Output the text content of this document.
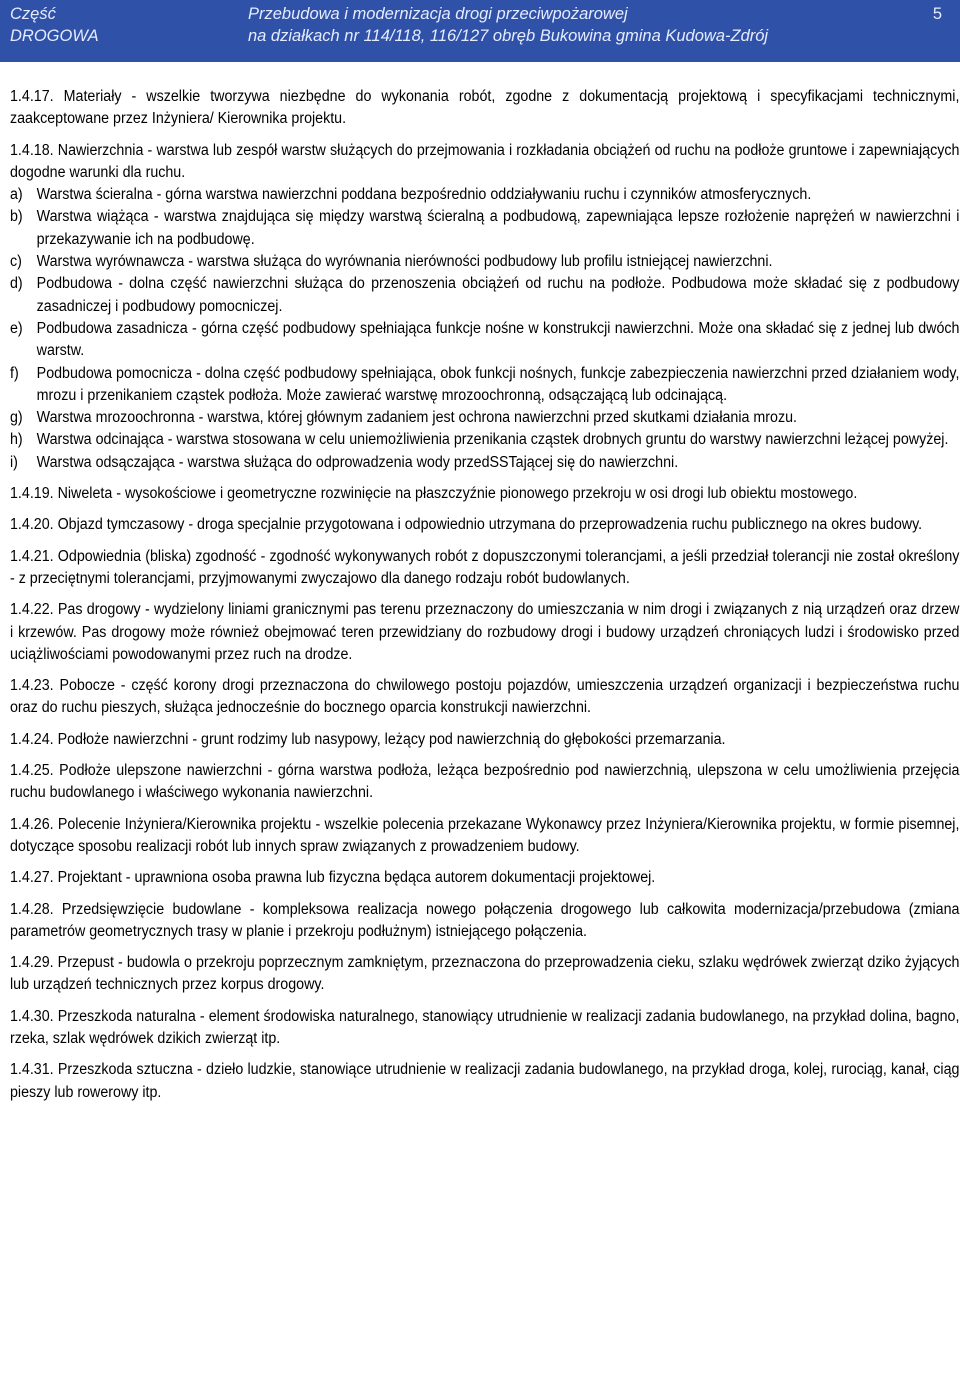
Część
DROGOWA
Przebudowa i modernizacja drogi przeciwpożarowej
na działkach nr 114/118, 116/127 obręb Bukowina gmina Kudowa-Zdrój
5

1.4.17. Materiały - wszelkie tworzywa niezbędne do wykonania robót, zgodne z dokumentacją projektową i specyfikacjami technicznymi, zaakceptowane przez Inżyniera/ Kierownika projektu.

1.4.18. Nawierzchnia - warstwa lub zespół warstw służących do przejmowania i rozkładania obciążeń od ruchu na podłoże gruntowe i zapewniających dogodne warunki dla ruchu.

a) Warstwa ścieralna - górna warstwa nawierzchni poddana bezpośrednio oddziaływaniu ruchu i czynników atmosferycznych.

b) Warstwa wiążąca - warstwa znajdująca się między warstwą ścieralną a podbudową, zapewniająca lepsze rozłożenie naprężeń w nawierzchni i przekazywanie ich na podbudowę.

c) Warstwa wyrównawcza - warstwa służąca do wyrównania nierówności podbudowy lub profilu istniejącej nawierzchni.

d) Podbudowa - dolna część nawierzchni służąca do przenoszenia obciążeń od ruchu na podłoże. Podbudowa może składać się z podbudowy zasadniczej i podbudowy pomocniczej.

e) Podbudowa zasadnicza - górna część podbudowy spełniająca funkcje nośne w konstrukcji nawierzchni. Może ona składać się z jednej lub dwóch warstw.

f) Podbudowa pomocnicza - dolna część podbudowy spełniająca, obok funkcji nośnych, funkcje zabezpieczenia nawierzchni przed działaniem wody, mrozu i przenikaniem cząstek podłoża. Może zawierać warstwę mrozoochronną, odsączającą lub odcinającą.

g) Warstwa mrozoochronna - warstwa, której głównym zadaniem jest ochrona nawierzchni przed skutkami działania mrozu.

h) Warstwa odcinająca - warstwa stosowana w celu uniemożliwienia przenikania cząstek drobnych gruntu do warstwy nawierzchni leżącej powyżej.

i) Warstwa odsączająca - warstwa służąca do odprowadzenia wody przedSSTającej się do nawierzchni.

1.4.19. Niweleta - wysokościowe i geometryczne rozwinięcie na płaszczyźnie pionowego przekroju w osi drogi lub obiektu mostowego.

1.4.20. Objazd tymczasowy - droga specjalnie przygotowana i odpowiednio utrzymana do przeprowadzenia ruchu publicznego na okres budowy.

1.4.21. Odpowiednia (bliska) zgodność - zgodność wykonywanych robót z dopuszczonymi tolerancjami, a jeśli przedział tolerancji nie został określony - z przeciętnymi tolerancjami, przyjmowanymi zwyczajowo dla danego rodzaju robót budowlanych.

1.4.22. Pas drogowy - wydzielony liniami granicznymi pas terenu przeznaczony do umieszczania w nim drogi i związanych z nią urządzeń oraz drzew i krzewów. Pas drogowy może również obejmować teren przewidziany do rozbudowy drogi i budowy urządzeń chroniących ludzi i środowisko przed uciążliwościami powodowanymi przez ruch na drodze.

1.4.23. Pobocze - część korony drogi przeznaczona do chwilowego postoju pojazdów, umieszczenia urządzeń organizacji i bezpieczeństwa ruchu oraz do ruchu pieszych, służąca jednocześnie do bocznego oparcia konstrukcji nawierzchni.

1.4.24. Podłoże nawierzchni - grunt rodzimy lub nasypowy, leżący pod nawierzchnią do głębokości przemarzania.

1.4.25. Podłoże ulepszone nawierzchni - górna warstwa podłoża, leżąca bezpośrednio pod nawierzchnią, ulepszona w celu umożliwienia przejęcia ruchu budowlanego i właściwego wykonania nawierzchni.

1.4.26. Polecenie Inżyniera/Kierownika projektu - wszelkie polecenia przekazane Wykonawcy przez Inżyniera/Kierownika projektu, w formie pisemnej, dotyczące sposobu realizacji robót lub innych spraw związanych z prowadzeniem budowy.

1.4.27. Projektant - uprawniona osoba prawna lub fizyczna będąca autorem dokumentacji projektowej.

1.4.28. Przedsięwzięcie budowlane - kompleksowa realizacja nowego połączenia drogowego lub całkowita modernizacja/przebudowa (zmiana parametrów geometrycznych trasy w planie i przekroju podłużnym) istniejącego połączenia.

1.4.29. Przepust - budowla o przekroju poprzecznym zamkniętym, przeznaczona do przeprowadzenia cieku, szlaku wędrówek zwierząt dziko żyjących lub urządzeń technicznych przez korpus drogowy.

1.4.30. Przeszkoda naturalna - element środowiska naturalnego, stanowiący utrudnienie w realizacji zadania budowlanego, na przykład dolina, bagno, rzeka, szlak wędrówek dzikich zwierząt itp.

1.4.31. Przeszkoda sztuczna - dzieło ludzkie, stanowiące utrudnienie w realizacji zadania budowlanego, na przykład droga, kolej, rurociąg, kanał, ciąg pieszy lub rowerowy itp.
